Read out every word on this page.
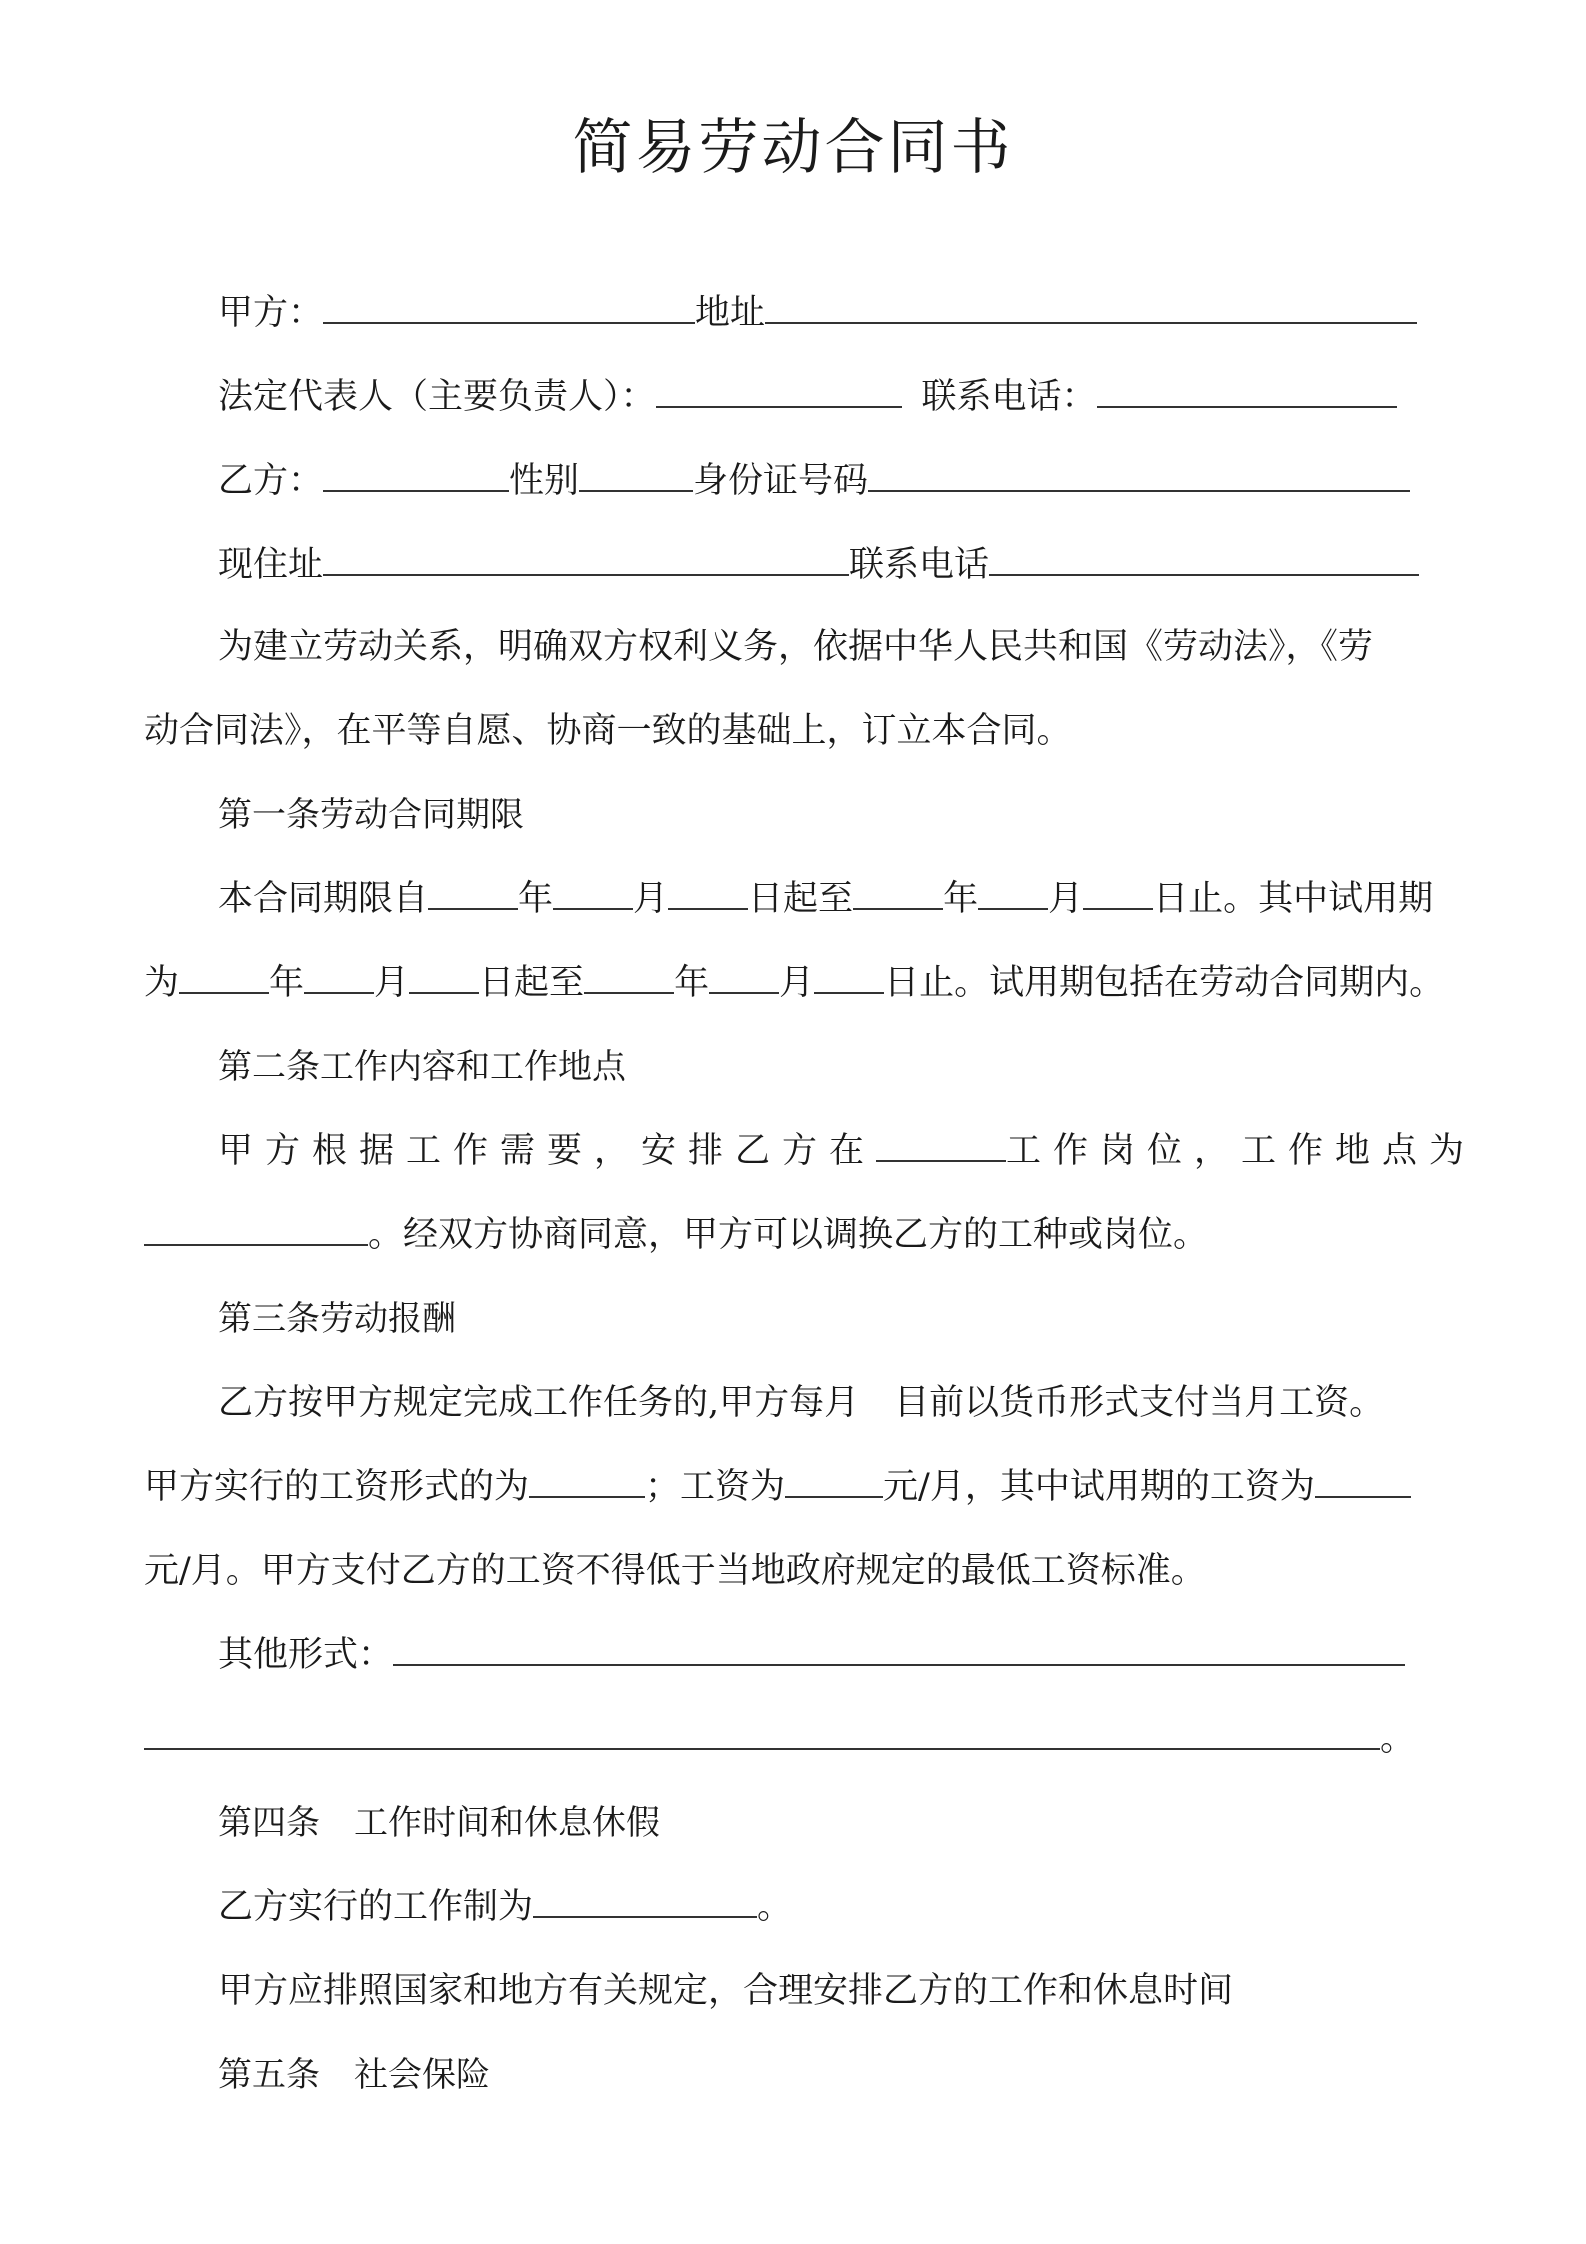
简易劳动合同书
甲方：	地址
法定代表人（主要负责人）：	联系电话：
乙方：	性别	身份证号码
现住址	联系电话
为建立劳动关系，明确双方权利义务，依据中华人民共和国《劳动法》，《劳
动合同法》，在平等自愿、协商一致的基础上，订立本合同。
第一条劳动合同期限
本合同期限自	年 月 日起至	年 月 日止。其中试用期
为	年 月 日起至	年 月 日止。试用期包括在劳动合同期内。
第二条工作内容和工作地点
甲方根据工作需要，安排乙方在	工作岗位，工作地点为
。经双方协商同意，甲方可以调换乙方的工种或岗位。
第三条劳动报酬
乙方按甲方规定完成工作任务的,甲方每月　目前以货币形式支付当月工资。
甲方实行的工资形式的为	；工资为	元/月，其中试用期的工资为
元/月。甲方支付乙方的工资不得低于当地政府规定的最低工资标准。
其他形式：
。
第四条　工作时间和休息休假
乙方实行的工作制为	。
甲方应排照国家和地方有关规定，合理安排乙方的工作和休息时间
第五条　社会保险
